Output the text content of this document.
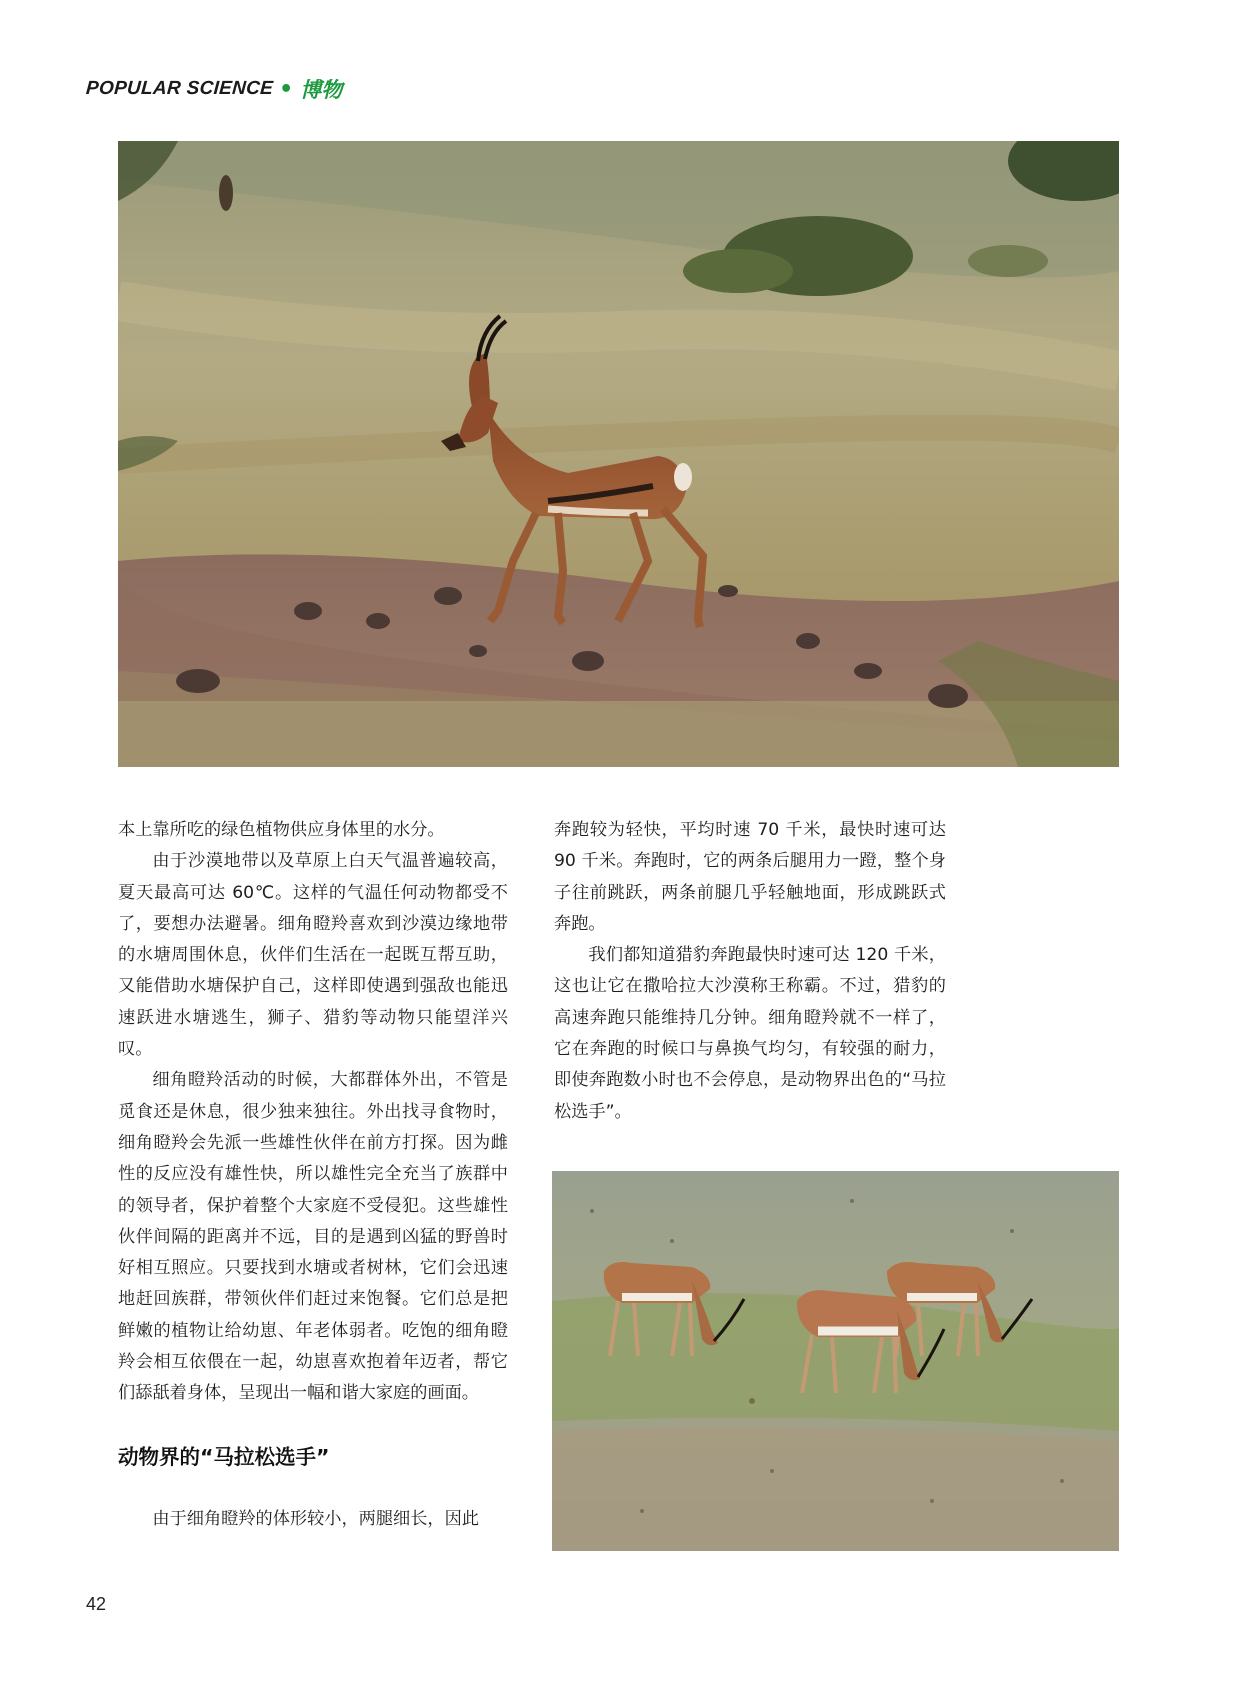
POPULAR SCIENCE • 博物

本上靠所吃的绿色植物供应身体里的水分。

由于沙漠地带以及草原上白天气温普遍较高，夏天最高可达 60℃。这样的气温任何动物都受不了，要想办法避暑。细角瞪羚喜欢到沙漠边缘地带的水塘周围休息，伙伴们生活在一起既互帮互助，又能借助水塘保护自己，这样即使遇到强敌也能迅速跃进水塘逃生，狮子、猎豹等动物只能望洋兴叹。

细角瞪羚活动的时候，大都群体外出，不管是觅食还是休息，很少独来独往。外出找寻食物时，细角瞪羚会先派一些雄性伙伴在前方打探。因为雌性的反应没有雄性快，所以雄性完全充当了族群中的领导者，保护着整个大家庭不受侵犯。这些雄性伙伴间隔的距离并不远，目的是遇到凶猛的野兽时好相互照应。只要找到水塘或者树林，它们会迅速地赶回族群，带领伙伴们赶过来饱餐。它们总是把鲜嫩的植物让给幼崽、年老体弱者。吃饱的细角瞪羚会相互依偎在一起，幼崽喜欢抱着年迈者，帮它们舔舐着身体，呈现出一幅和谐大家庭的画面。

动物界的“马拉松选手”

由于细角瞪羚的体形较小，两腿细长，因此

奔跑较为轻快，平均时速 70 千米，最快时速可达 90 千米。奔跑时，它的两条后腿用力一蹬，整个身子往前跳跃，两条前腿几乎轻触地面，形成跳跃式奔跑。

我们都知道猎豹奔跑最快时速可达 120 千米，这也让它在撒哈拉大沙漠称王称霸。不过，猎豹的高速奔跑只能维持几分钟。细角瞪羚就不一样了，它在奔跑的时候口与鼻换气均匀，有较强的耐力，即使奔跑数小时也不会停息，是动物界出色的“马拉松选手”。

42
